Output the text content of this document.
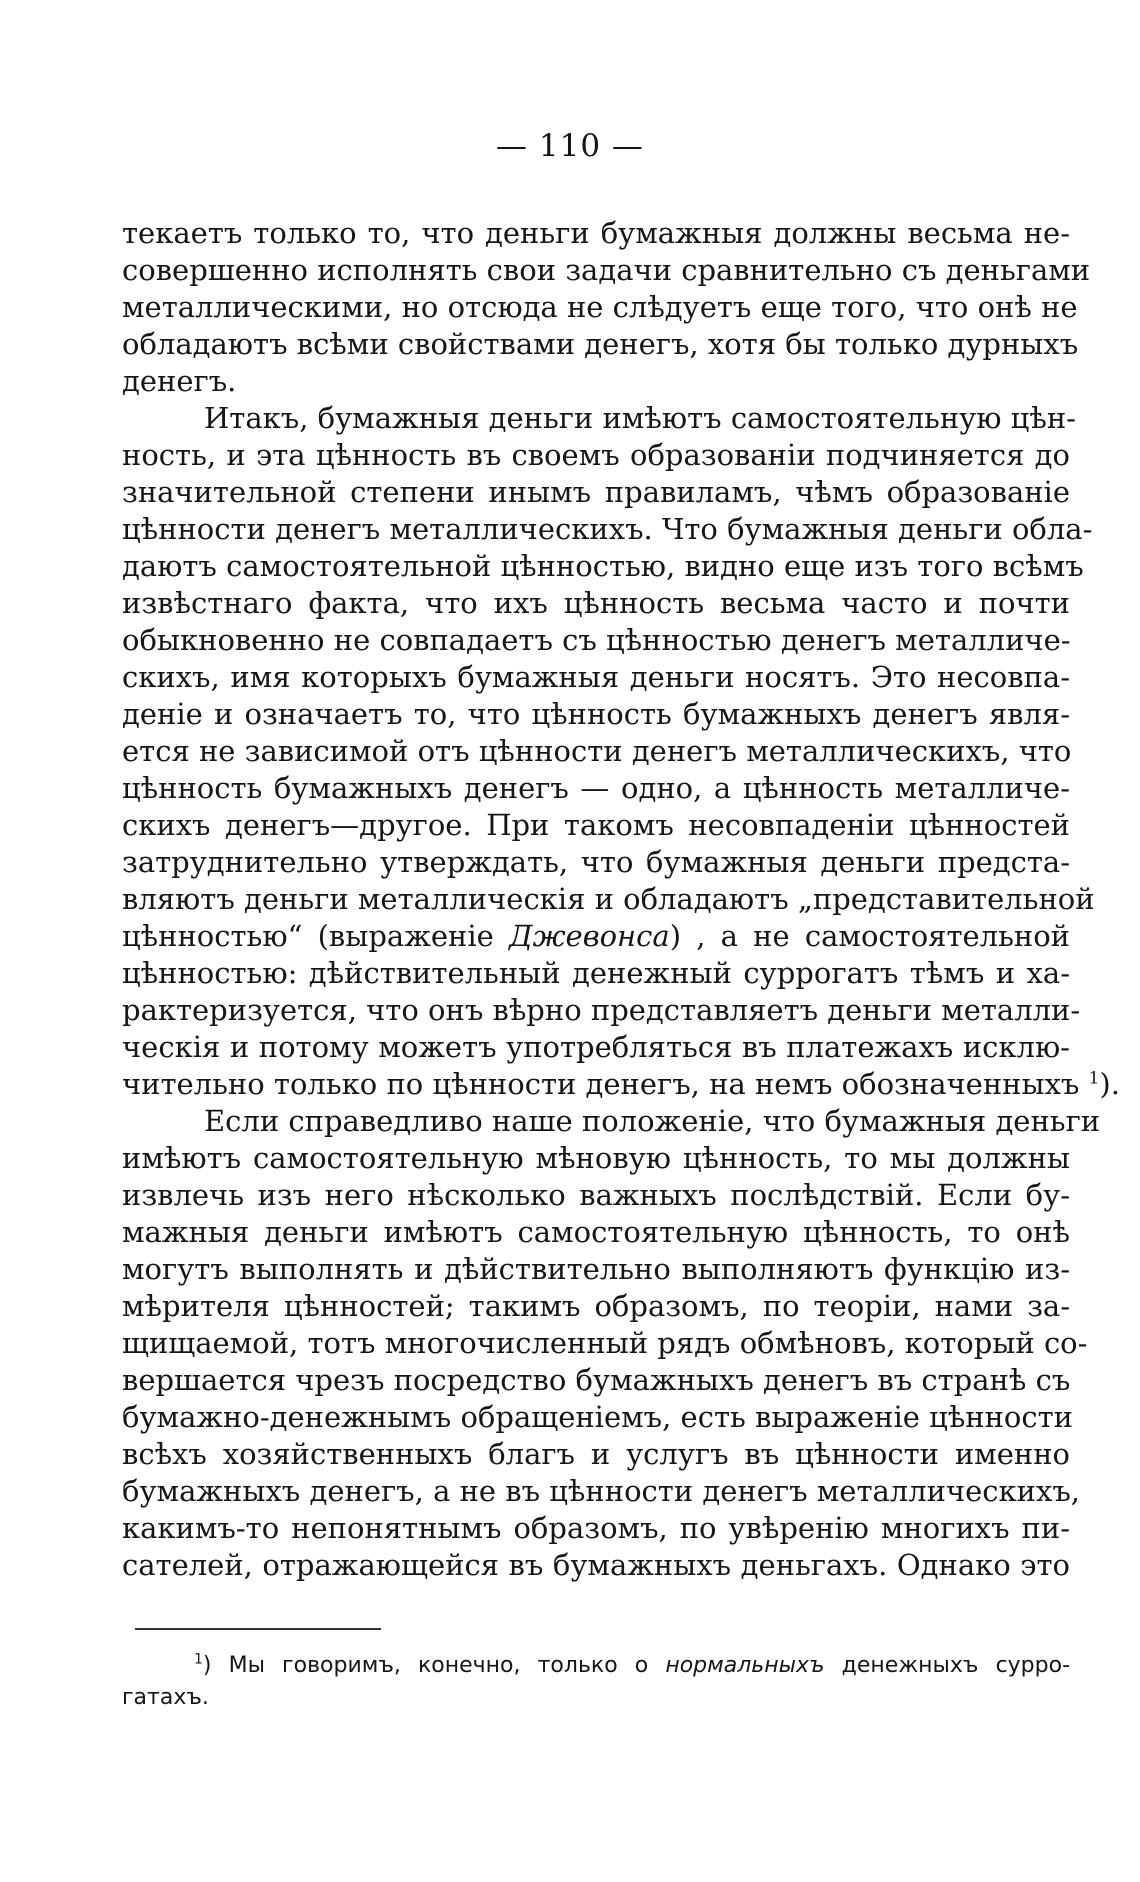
— 110 —
текаетъ только то, что деньги бумажныя должны весьма не-
совершенно исполнять свои задачи сравнительно съ деньгами
металлическими, но отсюда не слѣдуетъ еще того, что онѣ не
обладаютъ всѣми свойствами денегъ, хотя бы только дурныхъ
денегъ.
Итакъ, бумажныя деньги имѣютъ самостоятельную цѣн-
ность, и эта цѣнность въ своемъ образованіи подчиняется до
значительной степени инымъ правиламъ, чѣмъ образованіе
цѣнности денегъ металлическихъ. Что бумажныя деньги обла-
даютъ самостоятельной цѣнностью, видно еще изъ того всѣмъ
извѣстнаго факта, что ихъ цѣнность весьма часто и почти
обыкновенно не совпадаетъ съ цѣнностью денегъ металличе-
скихъ, имя которыхъ бумажныя деньги носятъ. Это несовпа-
деніе и означаетъ то, что цѣнность бумажныхъ денегъ явля-
ется не зависимой отъ цѣнности денегъ металлическихъ, что
цѣнность бумажныхъ денегъ — одно, а цѣнность металличе-
скихъ денегъ—другое. При такомъ несовпаденіи цѣнностей
затруднительно утверждать, что бумажныя деньги предста-
вляютъ деньги металлическія и обладаютъ „представительной
цѣнностью“ (выраженіе Джевонса) , а не самостоятельной
цѣнностью: дѣйствительный денежный суррогатъ тѣмъ и ха-
рактеризуется, что онъ вѣрно представляетъ деньги металли-
ческія и потому можетъ употребляться въ платежахъ исклю-
чительно только по цѣнности денегъ, на немъ обозначенныхъ $^1$).
Если справедливо наше положеніе, что бумажныя деньги
имѣютъ самостоятельную мѣновую цѣнность, то мы должны
извлечь изъ него нѣсколько важныхъ послѣдствій. Если бу-
мажныя деньги имѣютъ самостоятельную цѣнность, то онѣ
могутъ выполнять и дѣйствительно выполняютъ функцію из-
мѣрителя цѣнностей; такимъ образомъ, по теоріи, нами за-
щищаемой, тотъ многочисленный рядъ обмѣновъ, который со-
вершается чрезъ посредство бумажныхъ денегъ въ странѣ съ
бумажно-денежнымъ обращеніемъ, есть выраженіе цѣнности
всѣхъ хозяйственныхъ благъ и услугъ въ цѣнности именно
бумажныхъ денегъ, а не въ цѣнности денегъ металлическихъ,
какимъ-то непонятнымъ образомъ, по увѣренію многихъ пи-
сателей, отражающейся въ бумажныхъ деньгахъ. Однако это
$^1$) Мы говоримъ, конечно, только о нормальныхъ денежныхъ сурро-
гатахъ.
